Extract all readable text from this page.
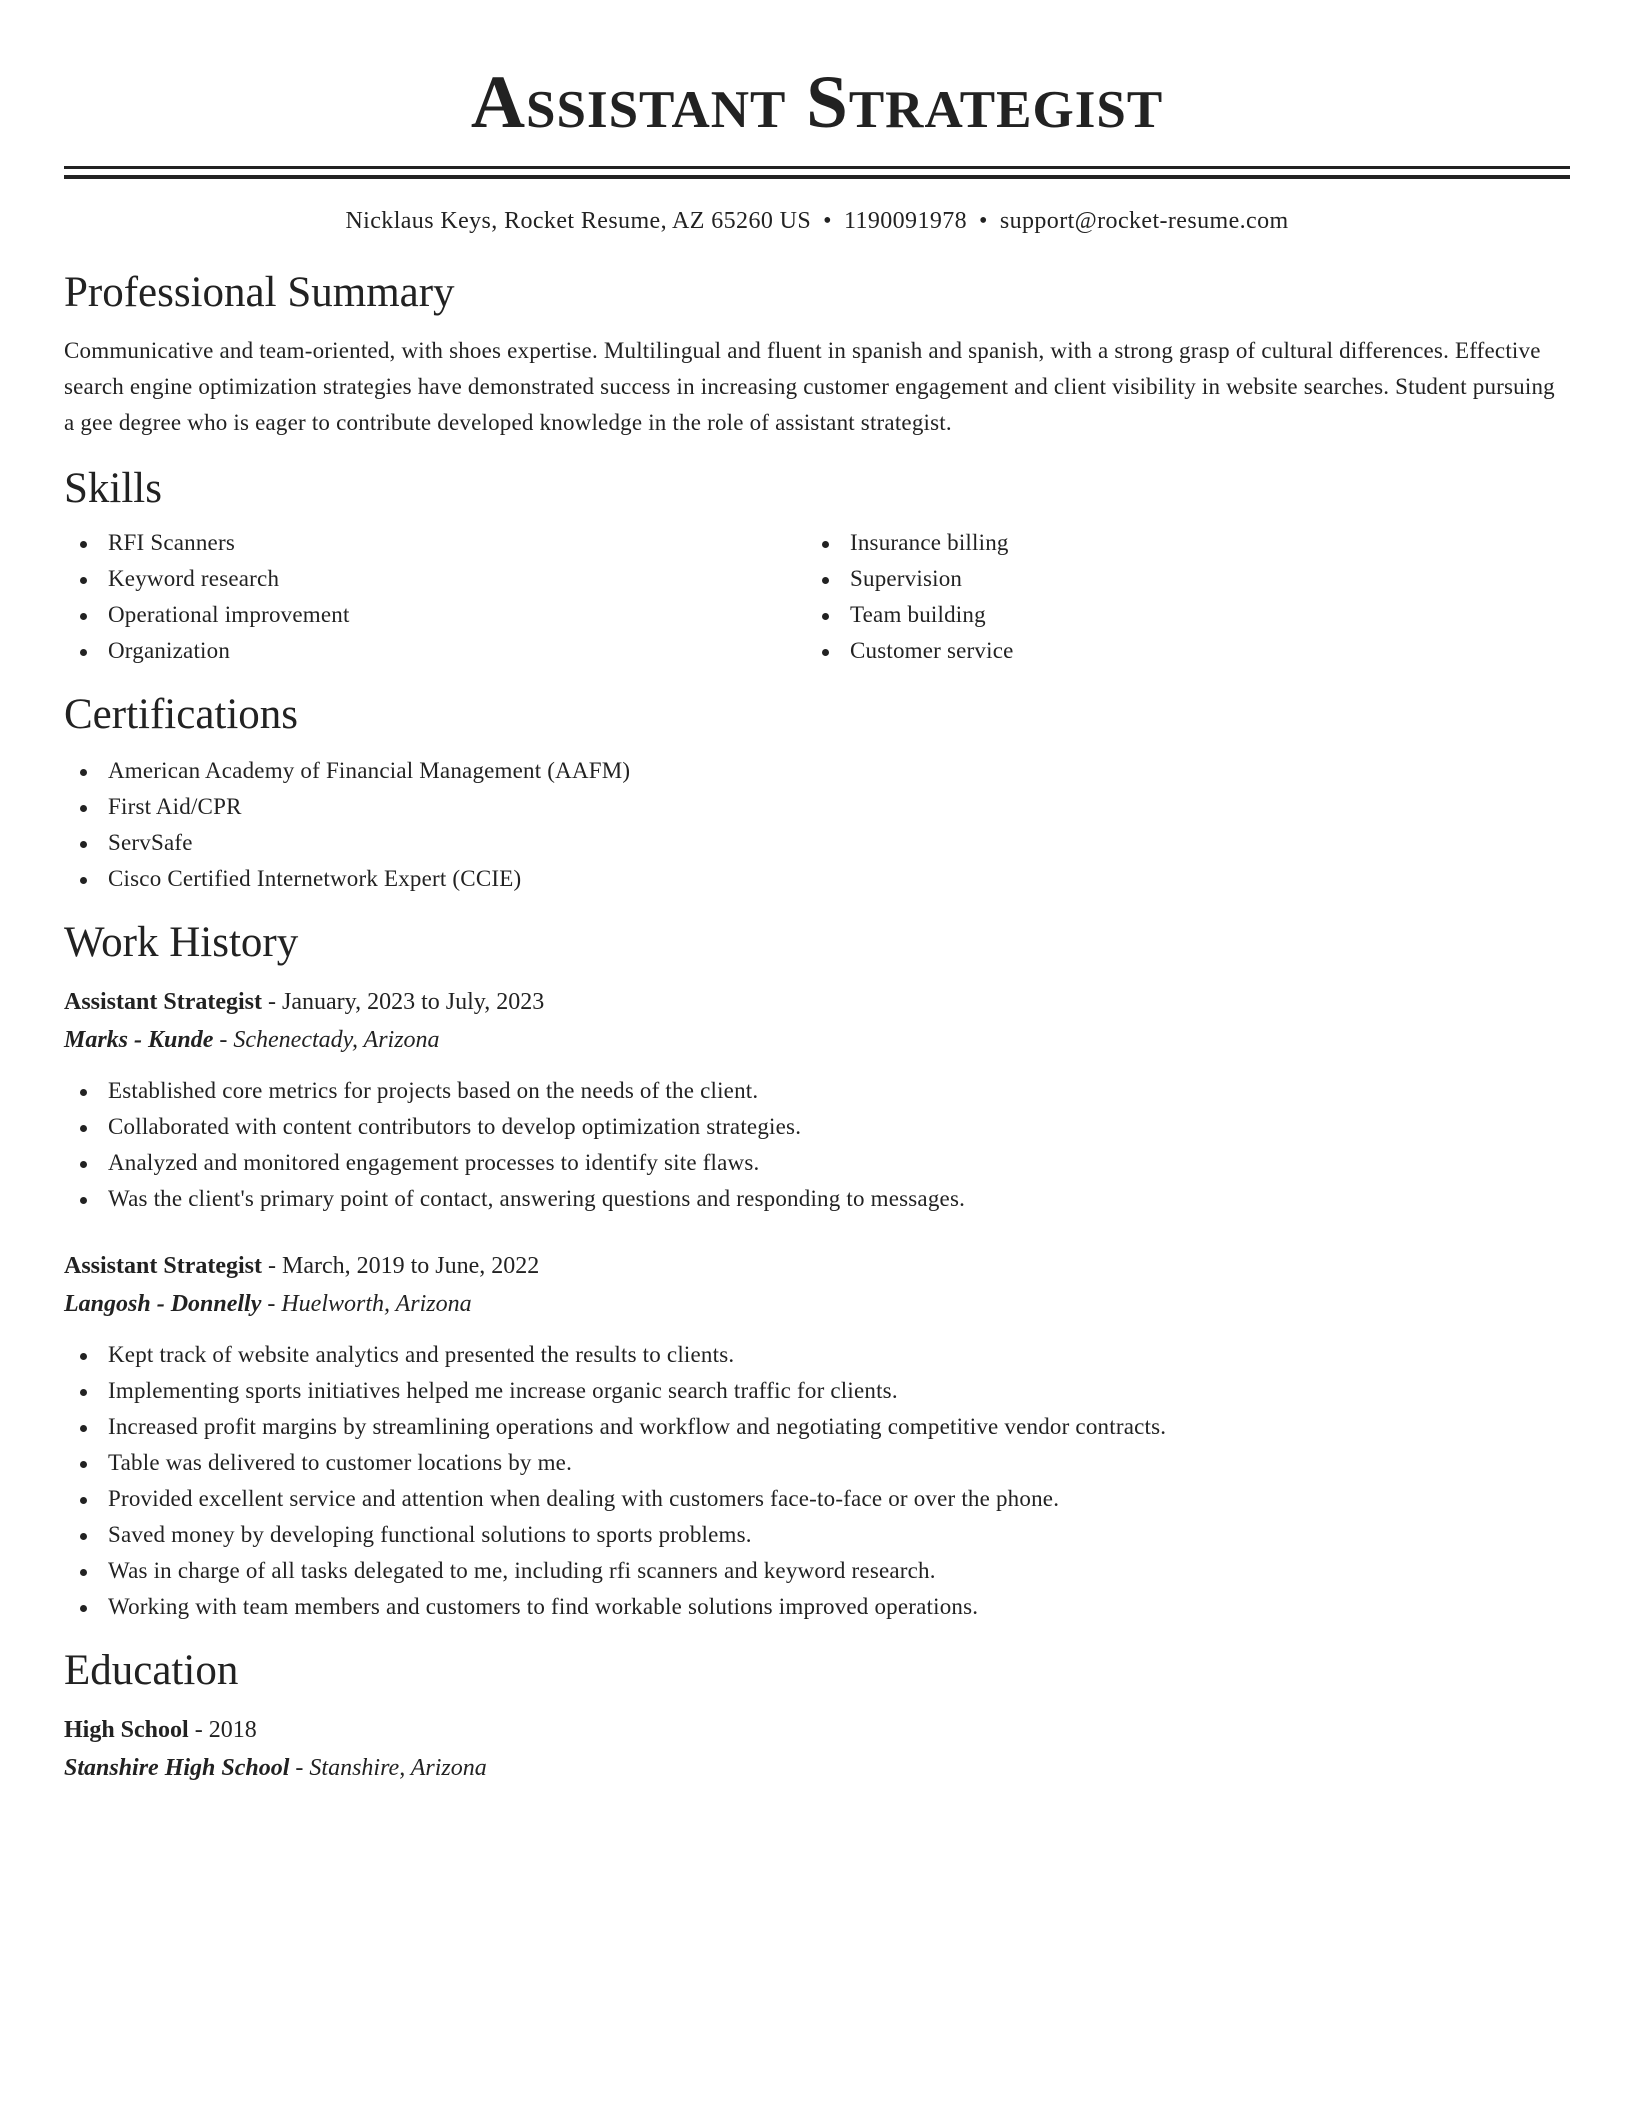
Assistant Strategist
Nicklaus Keys, Rocket Resume, AZ 65260 US • 1190091978 • support@rocket-resume.com
Professional Summary
Communicative and team-oriented, with shoes expertise. Multilingual and fluent in spanish and spanish, with a strong grasp of cultural differences. Effective search engine optimization strategies have demonstrated success in increasing customer engagement and client visibility in website searches. Student pursuing a gee degree who is eager to contribute developed knowledge in the role of assistant strategist.
Skills
RFI Scanners
Keyword research
Operational improvement
Organization
Insurance billing
Supervision
Team building
Customer service
Certifications
American Academy of Financial Management (AAFM)
First Aid/CPR
ServSafe
Cisco Certified Internetwork Expert (CCIE)
Work History
Assistant Strategist - January, 2023 to July, 2023
Marks - Kunde - Schenectady, Arizona
Established core metrics for projects based on the needs of the client.
Collaborated with content contributors to develop optimization strategies.
Analyzed and monitored engagement processes to identify site flaws.
Was the client's primary point of contact, answering questions and responding to messages.
Assistant Strategist - March, 2019 to June, 2022
Langosh - Donnelly - Huelworth, Arizona
Kept track of website analytics and presented the results to clients.
Implementing sports initiatives helped me increase organic search traffic for clients.
Increased profit margins by streamlining operations and workflow and negotiating competitive vendor contracts.
Table was delivered to customer locations by me.
Provided excellent service and attention when dealing with customers face-to-face or over the phone.
Saved money by developing functional solutions to sports problems.
Was in charge of all tasks delegated to me, including rfi scanners and keyword research.
Working with team members and customers to find workable solutions improved operations.
Education
High School - 2018
Stanshire High School - Stanshire, Arizona
